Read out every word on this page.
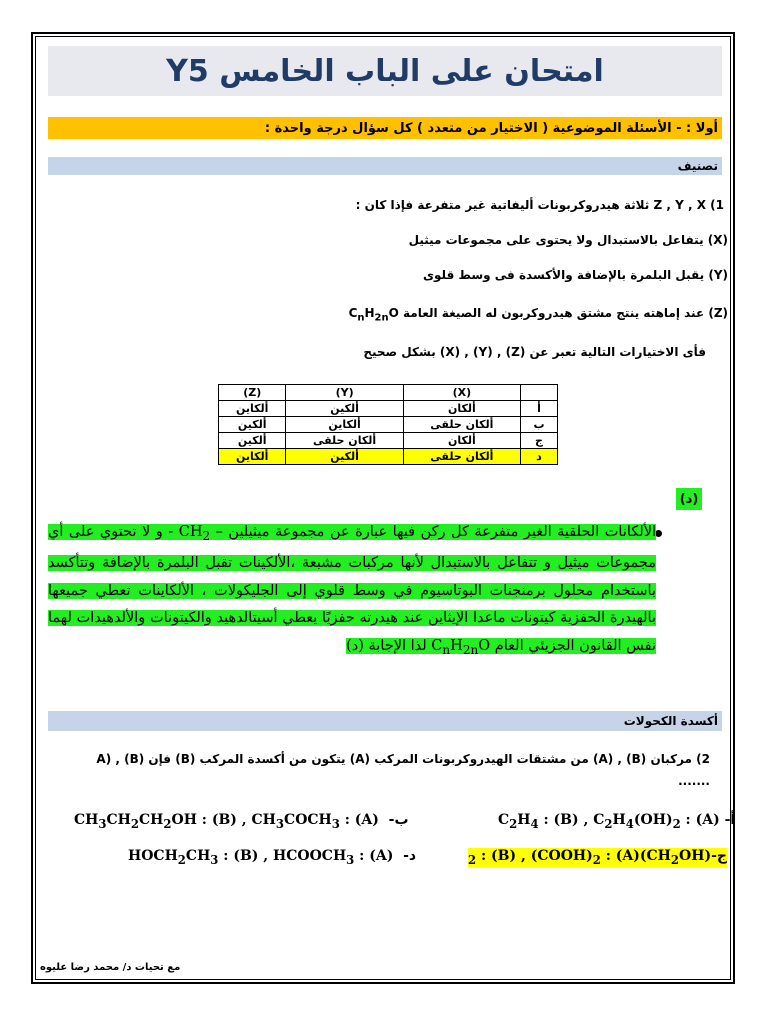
امتحان على الباب الخامس Y5
أولا : - الأسئلة الموضوعية ( الاختيار من متعدد ) كل سؤال درجة واحدة :
تصنيف
1) Z , Y , X ثلاثة هيدروكربونات أليفاتية غير متفرعة فإذا كان :
(X) يتفاعل بالاستبدال ولا يحتوى على مجموعات ميثيل
(Y) يقبل البلمرة بالإضافة والأكسدة فى وسط قلوى
(Z) عند إماهته ينتج مشتق هيدروكربون له الصيغة العامة $C_nH_{2n}O$
فأى الاختيارات التالية تعبر عن (Z) , (Y) , (X) بشكل صحيح
	(X)	(Y)	(Z)
أ	ألكان	ألكين	ألكاين
ب	ألكان حلقى	ألكاين	ألكين
ج	ألكان	ألكان حلقى	ألكين
د	ألكان حلقى	ألكين	ألكاين
(د)
الألكانات الحلقية الغير متفرعة كل ركن فيها عبارة عن مجموعة ميثيلين – $CH_2$ - و لا تحتوي على أي مجموعات ميثيل و تتفاعل بالاستبدال لأنها مركبات مشبعة ،الألكينات تقبل البلمرة بالإضافة وتتأكسد باستخدام محلول برمنجنات البوتاسيوم في وسط قلوي إلى الجليكولات ، الألكاينات تعطي جميعها بالهيدرة الحفزية كيتونات ماعدا الإيثاين عند هيدرته حفزيًا يعطي أسيتالدهيد والكيتونات والألدهيدات لهما نفس القانون الجزيئي العام $C_nH_{2n}O$ لذا الإجابة (د)
أكسدة الكحولات
2) مركبان (B) , (A) من مشتقات الهيدروكربونات المركب (A) يتكون من أكسدة المركب (B) فإن (B) , (A .......
$C_2H_4$ : (B) , $C_2H_4(OH)_2$ : (A) -أ
$CH_3CH_2CH_2OH$ : (B) , $CH_3COCH_3$ : (A)  -ب
$_2$ : (B) , $(COOH)_2$ : $(A)(CH_2OH)-ج$
$HOCH_2CH_3$ : (B) , $HCOOCH_3$ : (A)  -د
مع تحيات د/ محمد رضا عليوه
